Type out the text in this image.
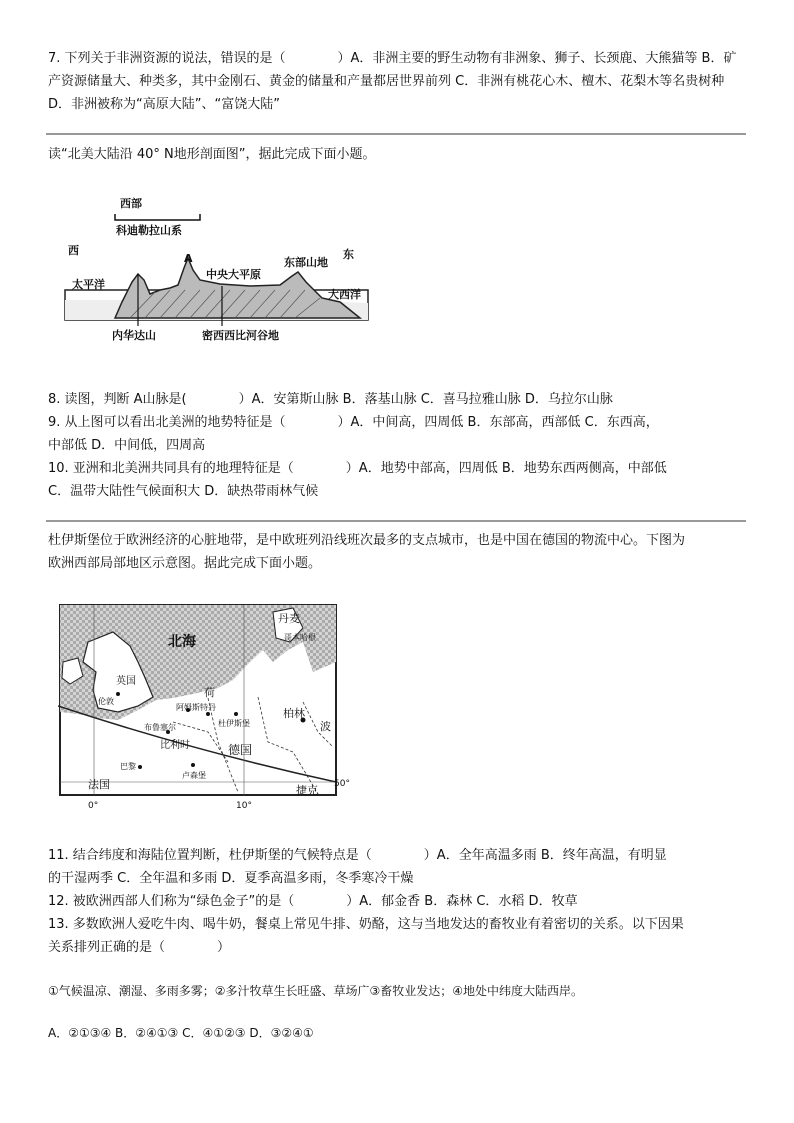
7. 下列关于非洲资源的说法，错误的是（　　　　）A．非洲主要的野生动物有非洲象、狮子、长颈鹿、大熊猫等 B．矿产资源储量大、种类多，其中金刚石、黄金的储量和产量都居世界前列 C．非洲有桃花心木、檀木、花梨木等名贵树种 D．非洲被称为“高原大陆”、“富饶大陆”
读“北美大陆沿 40° N地形剖面图”，据此完成下面小题。
西部
科迪勒拉山系
西	东
A
中央大平原
东部山地
太平洋
大西洋
内华达山	密西西比河谷地
8. 读图，判断 A山脉是(　　　　）A．安第斯山脉 B．落基山脉 C．喜马拉雅山脉 D．乌拉尔山脉
9. 从上图可以看出北美洲的地势特征是（　　　　）A．中间高，四周低 B．东部高，西部低 C．东西高，
中部低 D．中间低，四周高
10. 亚洲和北美洲共同具有的地理特征是（　　　　）A．地势中部高，四周低 B．地势东西两侧高，中部低
C．温带大陆性气候面积大 D．缺热带雨林气候
杜伊斯堡位于欧洲经济的心脏地带，是中欧班列沿线班次最多的支点城市，也是中国在德国的物流中心。下图为
欧洲西部局部地区示意图。据此完成下面小题。
北海
丹麦
哥本哈根
英国
伦敦
荷
阿姆斯特丹
杜伊斯堡
柏林
布鲁塞尔
比利时	德国
波
巴黎
卢森堡
法国	捷克 50°
0°	10°
11. 结合纬度和海陆位置判断，杜伊斯堡的气候特点是（　　　　）A．全年高温多雨 B．终年高温，有明显
的干湿两季 C．全年温和多雨 D．夏季高温多雨，冬季寒冷干燥
12. 被欧洲西部人们称为“绿色金子”的是（　　　　）A．郁金香 B．森林 C．水稻 D．牧草
13. 多数欧洲人爱吃牛肉、喝牛奶，餐桌上常见牛排、奶酪，这与当地发达的畜牧业有着密切的关系。以下因果
关系排列正确的是（　　　　）
①气候温凉、潮湿、多雨多雾；②多汁牧草生长旺盛、草场广③畜牧业发达；④地处中纬度大陆西岸。
A．②①③④ B．②④①③ C．④①②③ D．③②④①
